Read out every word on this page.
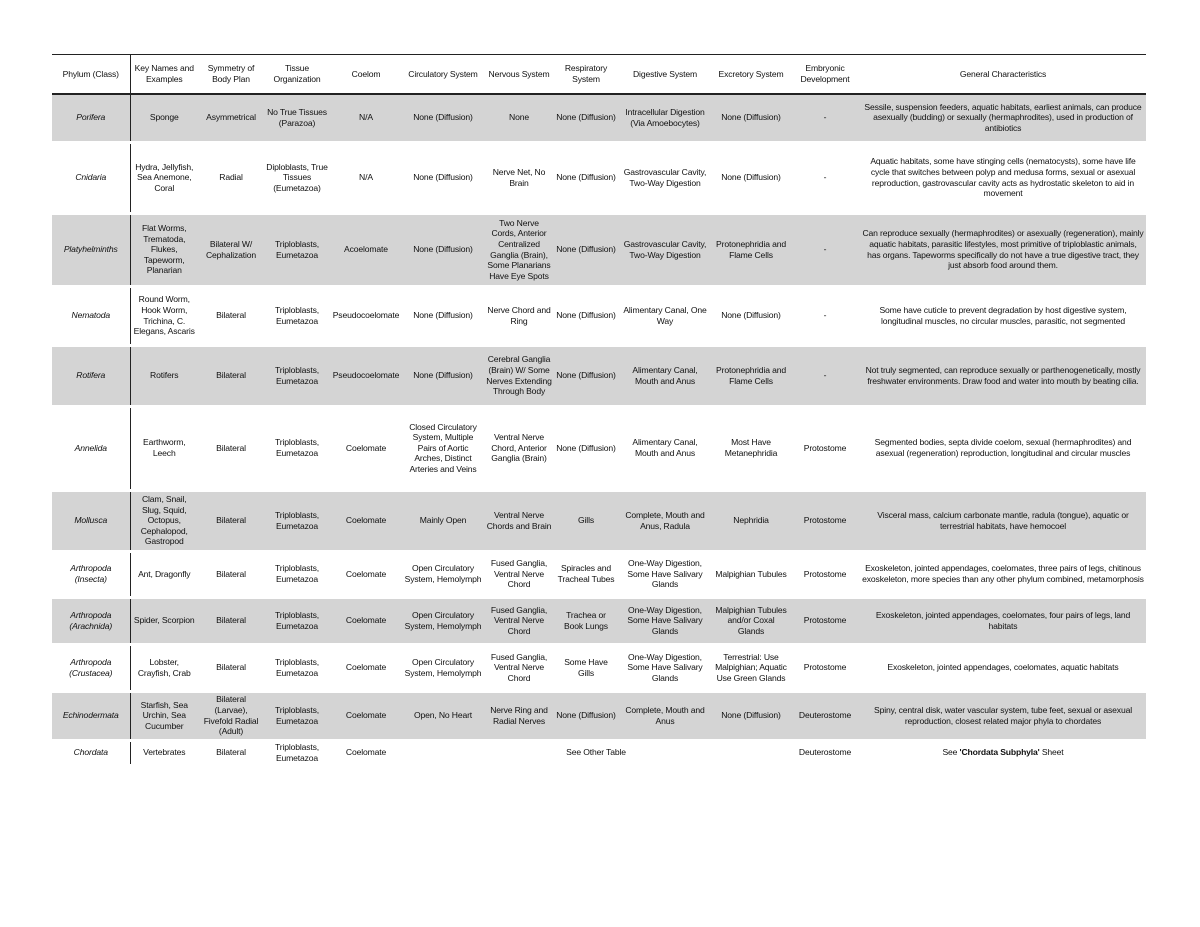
Phylum (Class)	Key Names and Examples	Symmetry of Body Plan	Tissue Organization	Coelom	Circulatory System	Nervous System	Respiratory System	Digestive System	Excretory System	Embryonic Development	General Characteristics
Porifera	Sponge	Asymmetrical	No True Tissues (Parazoa)	N/A	None (Diffusion)	None	None (Diffusion)	Intracellular Digestion (Via Amoebocytes)	None (Diffusion)	-	Sessile, suspension feeders, aquatic habitats, earliest animals, can produce asexually (budding) or sexually (hermaphrodites), used in production of antibiotics
Cnidaria	Hydra, Jellyfish, Sea Anemone, Coral	Radial	Diploblasts, True Tissues (Eumetazoa)	N/A	None (Diffusion)	Nerve Net, No Brain	None (Diffusion)	Gastrovascular Cavity, Two-Way Digestion	None (Diffusion)	-	Aquatic habitats, some have stinging cells (nematocysts), some have life cycle that switches between polyp and medusa forms, sexual or asexual reproduction, gastrovascular cavity acts as hydrostatic skeleton to aid in movement
Platyhelminths	Flat Worms, Trematoda, Flukes, Tapeworm, Planarian	Bilateral W/ Cephalization	Triploblasts, Eumetazoa	Acoelomate	None (Diffusion)	Two Nerve Cords, Anterior Centralized Ganglia (Brain), Some Planarians Have Eye Spots	None (Diffusion)	Gastrovascular Cavity, Two-Way Digestion	Protonephridia and Flame Cells	-	Can reproduce sexually (hermaphrodites) or asexually (regeneration), mainly aquatic habitats, parasitic lifestyles, most primitive of triploblastic animals, has organs. Tapeworms specifically do not have a true digestive tract, they just absorb food around them.
Nematoda	Round Worm, Hook Worm, Trichina, C. Elegans, Ascaris	Bilateral	Triploblasts, Eumetazoa	Pseudocoelomate	None (Diffusion)	Nerve Chord and Ring	None (Diffusion)	Alimentary Canal, One Way	None (Diffusion)	-	Some have cuticle to prevent degradation by host digestive system, longitudinal muscles, no circular muscles, parasitic, not segmented
Rotifera	Rotifers	Bilateral	Triploblasts, Eumetazoa	Pseudocoelomate	None (Diffusion)	Cerebral Ganglia (Brain) W/ Some Nerves Extending Through Body	None (Diffusion)	Alimentary Canal, Mouth and Anus	Protonephridia and Flame Cells	-	Not truly segmented, can reproduce sexually or parthenogenetically, mostly freshwater environments. Draw food and water into mouth by beating cilia.
Annelida	Earthworm, Leech	Bilateral	Triploblasts, Eumetazoa	Coelomate	Closed Circulatory System, Multiple Pairs of Aortic Arches, Distinct Arteries and Veins	Ventral Nerve Chord, Anterior Ganglia (Brain)	None (Diffusion)	Alimentary Canal, Mouth and Anus	Most Have Metanephridia	Protostome	Segmented bodies, septa divide coelom, sexual (hermaphrodites) and asexual (regeneration) reproduction, longitudinal and circular muscles
Mollusca	Clam, Snail, Slug, Squid, Octopus, Cephalopod, Gastropod	Bilateral	Triploblasts, Eumetazoa	Coelomate	Mainly Open	Ventral Nerve Chords and Brain	Gills	Complete, Mouth and Anus, Radula	Nephridia	Protostome	Visceral mass, calcium carbonate mantle, radula (tongue), aquatic or terrestrial habitats, have hemocoel
Arthropoda (Insecta)	Ant, Dragonfly	Bilateral	Triploblasts, Eumetazoa	Coelomate	Open Circulatory System, Hemolymph	Fused Ganglia, Ventral Nerve Chord	Spiracles and Tracheal Tubes	One-Way Digestion, Some Have Salivary Glands	Malpighian Tubules	Protostome	Exoskeleton, jointed appendages, coelomates, three pairs of legs, chitinous exoskeleton, more species than any other phylum combined, metamorphosis
Arthropoda (Arachnida)	Spider, Scorpion	Bilateral	Triploblasts, Eumetazoa	Coelomate	Open Circulatory System, Hemolymph	Fused Ganglia, Ventral Nerve Chord	Trachea or Book Lungs	One-Way Digestion, Some Have Salivary Glands	Malpighian Tubules and/or Coxal Glands	Protostome	Exoskeleton, jointed appendages, coelomates, four pairs of legs, land habitats
Arthropoda (Crustacea)	Lobster, Crayfish, Crab	Bilateral	Triploblasts, Eumetazoa	Coelomate	Open Circulatory System, Hemolymph	Fused Ganglia, Ventral Nerve Chord	Some Have Gills	One-Way Digestion, Some Have Salivary Glands	Terrestrial: Use Malpighian; Aquatic Use Green Glands	Protostome	Exoskeleton, jointed appendages, coelomates, aquatic habitats
Echinodermata	Starfish, Sea Urchin, Sea Cucumber	Bilateral (Larvae), Fivefold Radial (Adult)	Triploblasts, Eumetazoa	Coelomate	Open, No Heart	Nerve Ring and Radial Nerves	None (Diffusion)	Complete, Mouth and Anus	None (Diffusion)	Deuterostome	Spiny, central disk, water vascular system, tube feet, sexual or asexual reproduction, closest related major phyla to chordates
Chordata	Vertebrates	Bilateral	Triploblasts, Eumetazoa	Coelomate	See Other Table					Deuterostome	See 'Chordata Subphyla' Sheet
